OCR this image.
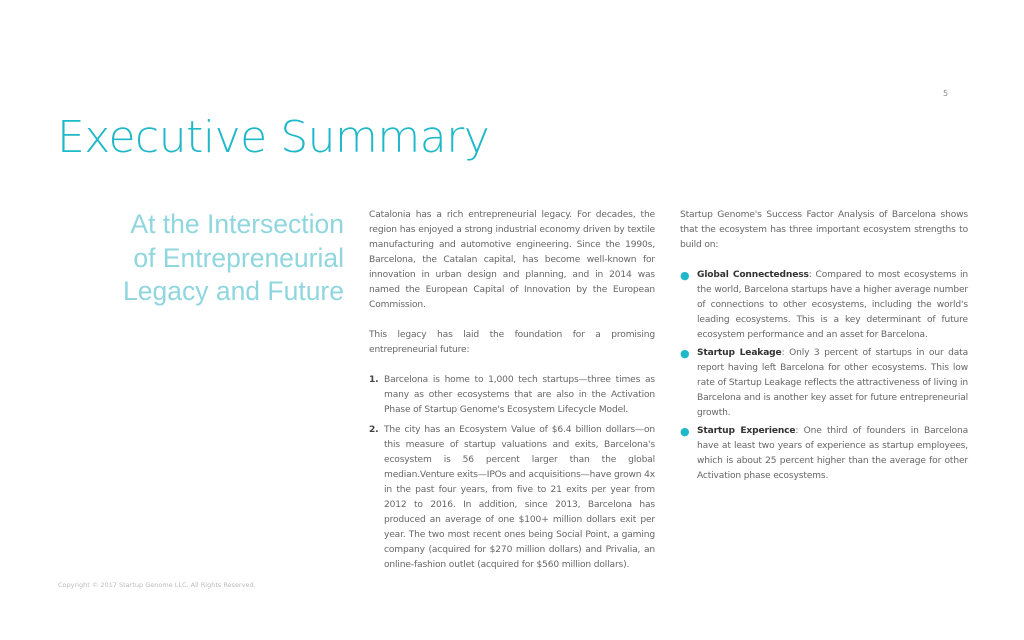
5
Executive Summary
At the Intersection
of Entrepreneurial
Legacy and Future

Catalonia has a rich entrepreneurial legacy. For decades, the region has enjoyed a strong industrial economy driven by textile manufacturing and automotive engineering. Since the 1990s, Barcelona, the Catalan capital, has become well-known for innovation in urban design and planning, and in 2014 was named the European Capital of Innovation by the European Commission.

This legacy has laid the foundation for a promising entrepreneurial future:

1. Barcelona is home to 1,000 tech startups—three times as many as other ecosystems that are also in the Activation Phase of Startup Genome's Ecosystem Lifecycle Model.
2. The city has an Ecosystem Value of $6.4 billion dollars—on this measure of startup valuations and exits, Barcelona's ecosystem is 56 percent larger than the global median.Venture exits—IPOs and acquisitions—have grown 4x in the past four years, from five to 21 exits per year from 2012 to 2016. In addition, since 2013, Barcelona has produced an average of one $100+ million dollars exit per year. The two most recent ones being Social Point, a gaming company (acquired for $270 million dollars) and Privalia, an online-fashion outlet (acquired for $560 million dollars).

Startup Genome's Success Factor Analysis of Barcelona shows that the ecosystem has three important ecosystem strengths to build on:

● Global Connectedness: Compared to most ecosystems in the world, Barcelona startups have a higher average number of connections to other ecosystems, including the world's leading ecosystems. This is a key determinant of future ecosystem performance and an asset for Barcelona.
● Startup Leakage: Only 3 percent of startups in our data report having left Barcelona for other ecosystems. This low rate of Startup Leakage reflects the attractiveness of living in Barcelona and is another key asset for future entrepreneurial growth.
● Startup Experience: One third of founders in Barcelona have at least two years of experience as startup employees, which is about 25 percent higher than the average for other Activation phase ecosystems.
Copyright © 2017 Startup Genome LLC. All Rights Reserved.
